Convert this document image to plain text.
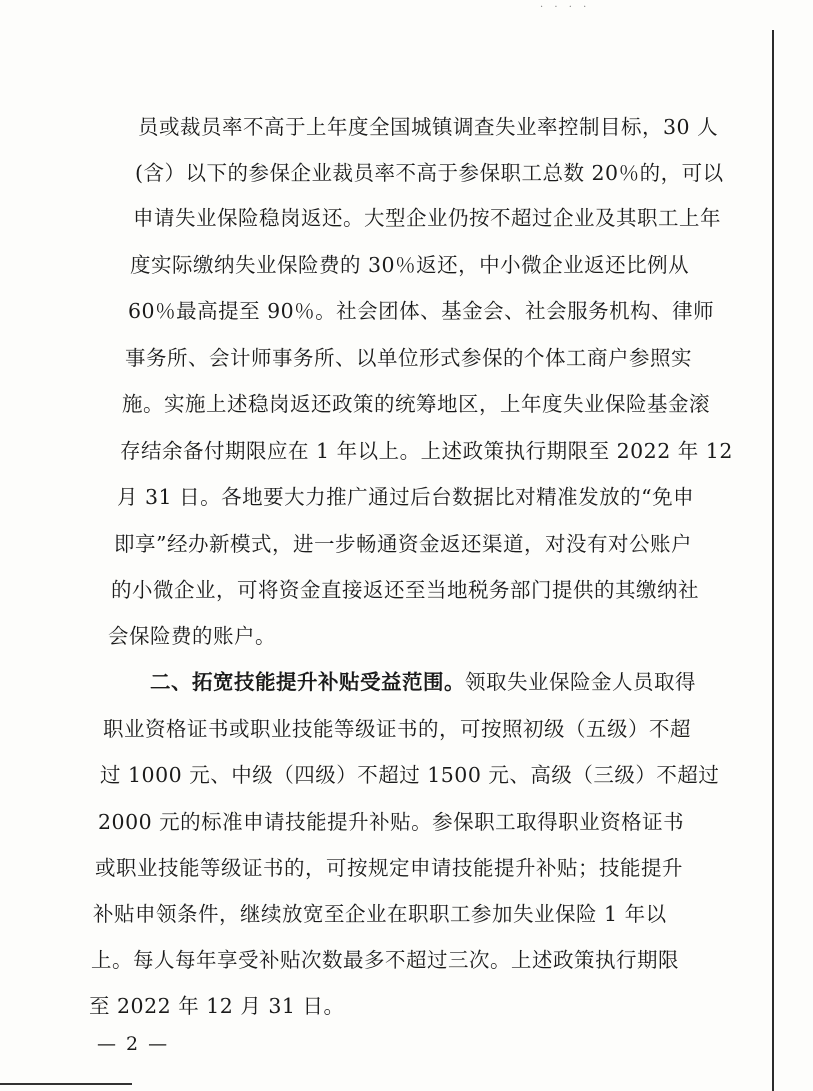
· · · ·
员或裁员率不高于上年度全国城镇调查失业率控制目标，30 人
(含）以下的参保企业裁员率不高于参保职工总数 20％的，可以
申请失业保险稳岗返还。大型企业仍按不超过企业及其职工上年
度实际缴纳失业保险费的 30％返还，中小微企业返还比例从
60％最高提至 90％。社会团体、基金会、社会服务机构、律师
事务所、会计师事务所、以单位形式参保的个体工商户参照实
施。实施上述稳岗返还政策的统筹地区，上年度失业保险基金滚
存结余备付期限应在 1 年以上。上述政策执行期限至 2022 年 12
月 31 日。各地要大力推广通过后台数据比对精准发放的“免申
即享”经办新模式，进一步畅通资金返还渠道，对没有对公账户
的小微企业，可将资金直接返还至当地税务部门提供的其缴纳社
会保险费的账户。
二、拓宽技能提升补贴受益范围。领取失业保险金人员取得
职业资格证书或职业技能等级证书的，可按照初级（五级）不超
过 1000 元、中级（四级）不超过 1500 元、高级（三级）不超过
2000 元的标准申请技能提升补贴。参保职工取得职业资格证书
或职业技能等级证书的，可按规定申请技能提升补贴；技能提升
补贴申领条件，继续放宽至企业在职职工参加失业保险 1 年以
上。每人每年享受补贴次数最多不超过三次。上述政策执行期限
至 2022 年 12 月 31 日。
— 2 —
